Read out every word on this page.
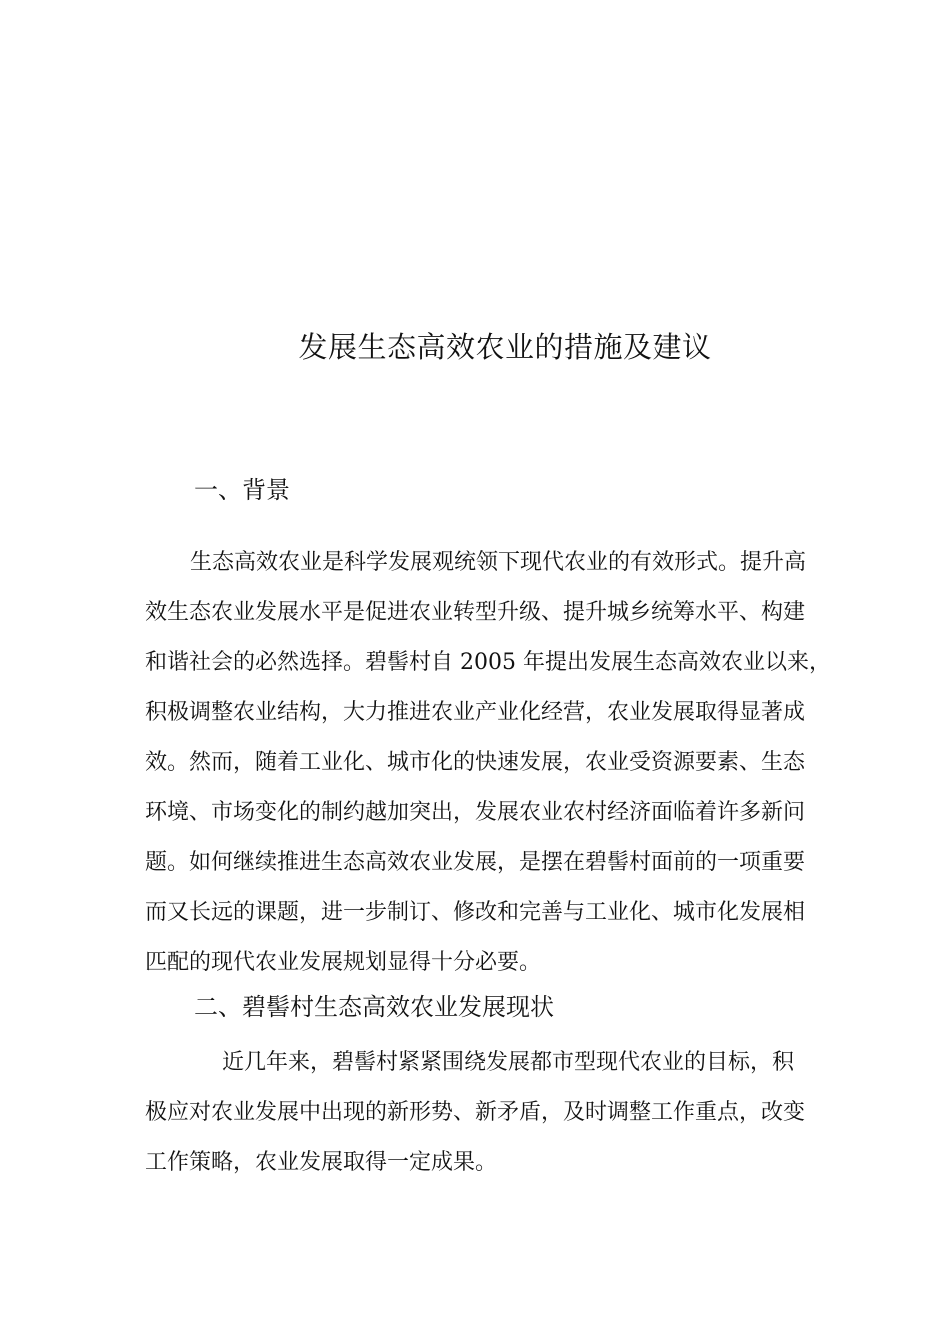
发展生态高效农业的措施及建议
一、背景

生态高效农业是科学发展观统领下现代农业的有效形式。提升高

效生态农业发展水平是促进农业转型升级、提升城乡统筹水平、构建

和谐社会的必然选择。碧髻村自 2005 年提出发展生态高效农业以来，

积极调整农业结构，大力推进农业产业化经营，农业发展取得显著成

效。然而，随着工业化、城市化的快速发展，农业受资源要素、生态

环境、市场变化的制约越加突出，发展农业农村经济面临着许多新问

题。如何继续推进生态高效农业发展，是摆在碧髻村面前的一项重要

而又长远的课题，进一步制订、修改和完善与工业化、城市化发展相

匹配的现代农业发展规划显得十分必要。

二、碧髻村生态高效农业发展现状

近几年来，碧髻村紧紧围绕发展都市型现代农业的目标，积

极应对农业发展中出现的新形势、新矛盾，及时调整工作重点，改变

工作策略，农业发展取得一定成果。
